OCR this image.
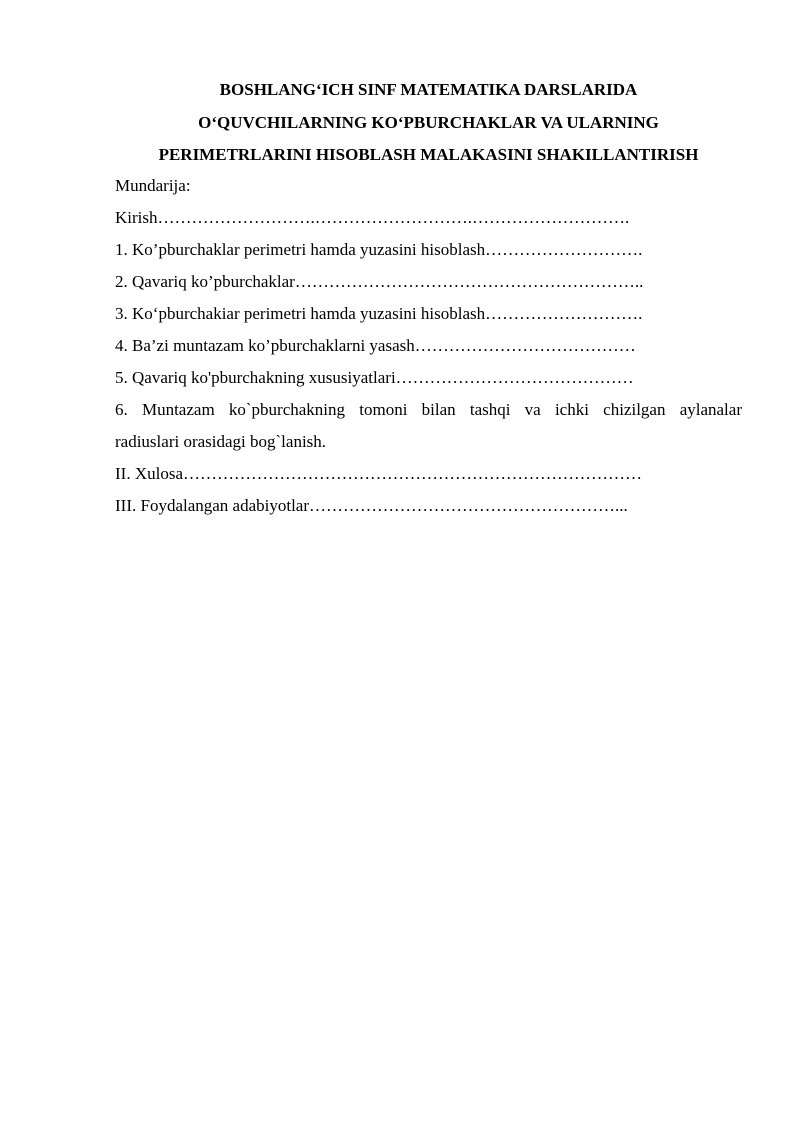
BOSHLANG‘ICH SINF MATEMATIKA DARSLARIDA
O‘QUVCHILARNING KO‘PBURCHAKLAR VA ULARNING
PERIMETRLARINI HISOBLASH MALAKASINI SHAKILLANTIRISH
Mundarija:
Kirish……………………….……………………….……………………….
1. Ko’pburchaklar perimetri hamda yuzasini hisoblash……………………….
2. Qavariq ko’pburchaklar……………………………………………………..
3. Ko‘pburchakiar perimetri hamda yuzasini hisoblash……………………….
4. Ba’zi muntazam ko’pburchaklarni yasash…………………………………
5. Qavariq ko'pburchakning xususiyatlari……………………………………
6. Muntazam ko`pburchakning tomoni bilan tashqi va ichki chizilgan aylanalar
radiuslari orasidagi bog`lanish.
II. Xulosa………………………………………………………………………
III. Foydalangan adabiyotlar………………………………………………...
